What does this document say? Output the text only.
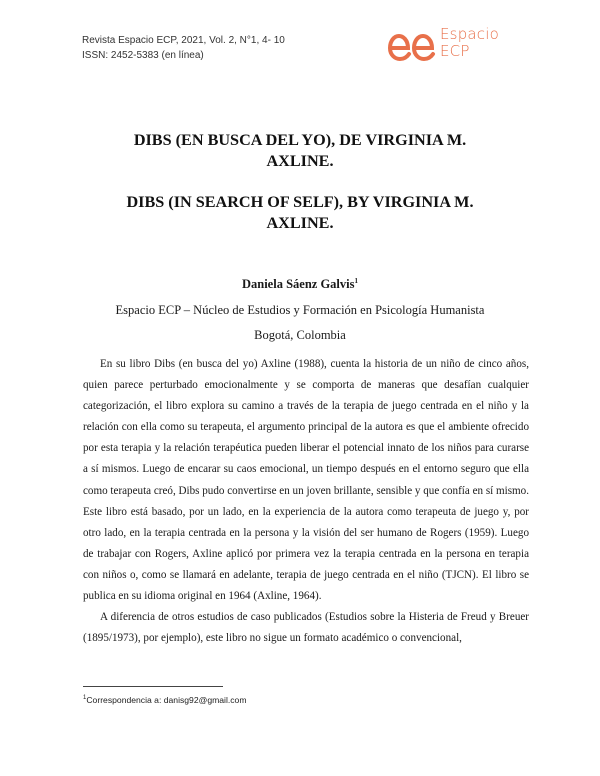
Revista Espacio ECP, 2021, Vol. 2, N°1, 4- 10
ISSN: 2452-5383 (en línea)
Espacio
ECP
DIBS (EN BUSCA DEL YO), DE VIRGINIA M.
AXLINE.
DIBS (IN SEARCH OF SELF), BY VIRGINIA M.
AXLINE.
Daniela Sáenz Galvis$^1$
Espacio ECP – Núcleo de Estudios y Formación en Psicología Humanista
Bogotá, Colombia

En su libro Dibs (en busca del yo) Axline (1988), cuenta la historia de un niño de cinco años, quien parece perturbado emocionalmente y se comporta de maneras que desafían cualquier categorización, el libro explora su camino a través de la terapia de juego centrada en el niño y la relación con ella como su terapeuta, el argumento principal de la autora es que el ambiente ofrecido por esta terapia y la relación terapéutica pueden liberar el potencial innato de los niños para curarse a sí mismos. Luego de encarar su caos emocional, un tiempo después en el entorno seguro que ella como terapeuta creó, Dibs pudo convertirse en un joven brillante, sensible y que confía en sí mismo. Este libro está basado, por un lado, en la experiencia de la autora como terapeuta de juego y, por otro lado, en la terapia centrada en la persona y la visión del ser humano de Rogers (1959). Luego de trabajar con Rogers, Axline aplicó por primera vez la terapia centrada en la persona en terapia con niños o, como se llamará en adelante, terapia de juego centrada en el niño (TJCN). El libro se publica en su idioma original en 1964 (Axline, 1964).

A diferencia de otros estudios de caso publicados (Estudios sobre la Histeria de Freud y Breuer (1895/1973), por ejemplo), este libro no sigue un formato académico o convencional,

$^1$Correspondencia a: danisg92@gmail.com
